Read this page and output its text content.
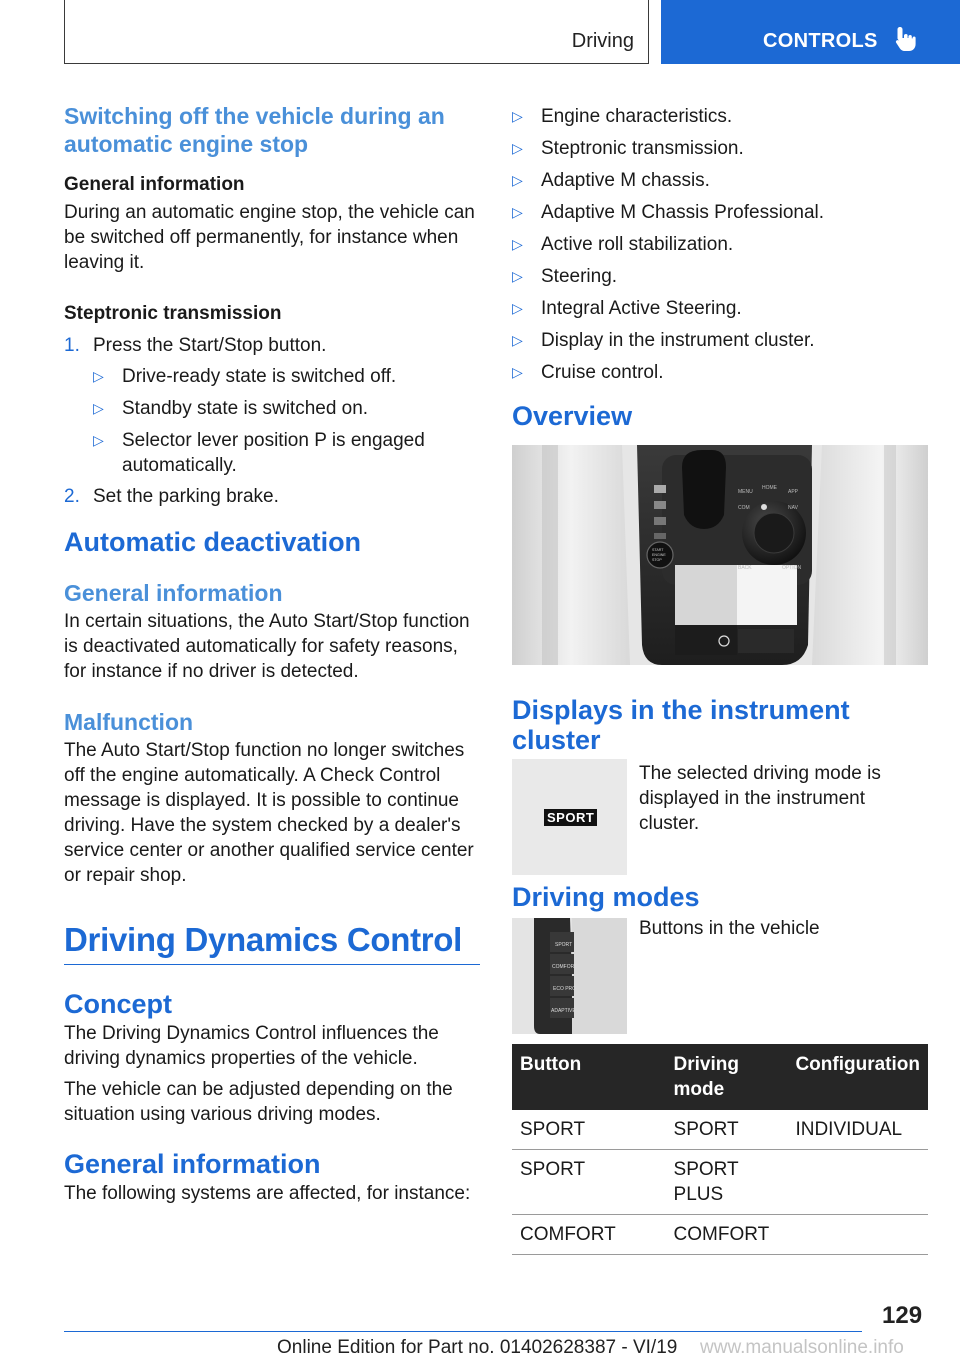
Driving	CONTROLS
Switching off the vehicle during an automatic engine stop

General information

During an automatic engine stop, the vehicle can be switched off permanently, for instance when leaving it.

Steptronic transmission

1. Press the Start/Stop button.
▷ Drive-ready state is switched off.
▷ Standby state is switched on.
▷ Selector lever position P is engaged automatically.
2. Set the parking brake.
Automatic deactivation
General information

In certain situations, the Auto Start/Stop function is deactivated automatically for safety reasons, for instance if no driver is detected.

Malfunction

The Auto Start/Stop function no longer switches off the engine automatically. A Check Control message is displayed. It is possible to continue driving. Have the system checked by a dealer's service center or another qualified service center or repair shop.

Driving Dynamics Control
Concept

The Driving Dynamics Control influences the driving dynamics properties of the vehicle.

The vehicle can be adjusted depending on the situation using various driving modes.

General information

The following systems are affected, for instance:

▷ Engine characteristics.
▷ Steptronic transmission.
▷ Adaptive M chassis.
▷ Adaptive M Chassis Professional.
▷ Active roll stabilization.
▷ Steering.
▷ Integral Active Steering.
▷ Display in the instrument cluster.
▷ Cruise control.
Overview
MENU
HOME
APP
COM	NAV
BACK	OPTION
START
ENGINE
STOP
Displays in the instrument cluster
SPORT

The selected driving mode is displayed in the instrument cluster.

Driving modes
SPORT
COMFORT
ECO PRO
ADAPTIVE

Buttons in the vehicle

Button	Driving mode	Configuration
SPORT	SPORT	INDIVIDUAL
SPORT	SPORT PLUS	
COMFORT	COMFORT	
129
Online Edition for Part no. 01402628387 - VI/19 www.manualsonline.info
